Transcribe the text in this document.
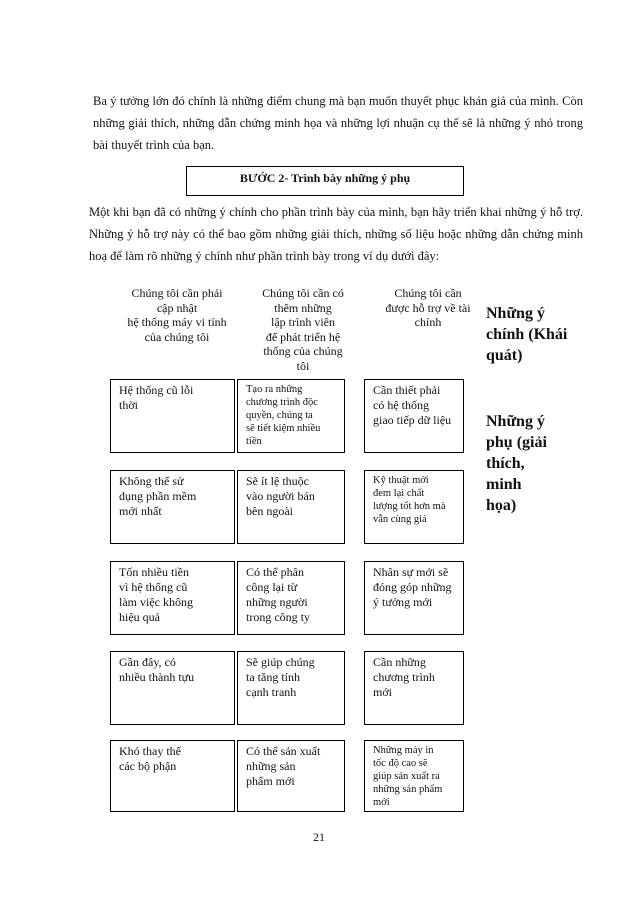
Ba ý tưởng lớn đó chính là những điểm chung mà bạn muốn thuyết phục khán giả của mình. Còn những giải thích, những dẫn chứng minh họa và những lợi nhuận cụ thể sẽ là những ý nhỏ trong bài thuyết trình của bạn.
BƯỚC 2- Trình bày những ý phụ
Một khi bạn đã có những ý chính cho phần trình bày của mình, bạn hãy triển khai những ý hỗ trợ. Những ý hỗ trợ này có thể bao gồm những giải thích, những số liệu hoặc những dẫn chứng minh hoạ để làm rõ những ý chính như phần trình bày trong ví dụ dưới đây:
Chúng tôi cần phải
cập nhật
hệ thống máy vi tính
của chúng tôi
Chúng tôi cần có
thêm những
lập trình viên
để phát triển hệ
thống của chúng
tôi
Chúng tôi cần
được hỗ trợ về tài
chính	Những ý
chính (Khái
quát)
Những ý
phụ (giải
thích,
minh
họa)
Hệ thống cũ lỗi
thời
Tạo ra những
chương trình độc
quyền, chúng ta
sẽ tiết kiệm nhiều
tiền
Cần thiết phải
có hệ thống
giao tiếp dữ liệu
Không thể sử
dụng phần mềm
mới nhất
Sẽ ít lệ thuộc
vào người bán
bên ngoài
Kỹ thuật mới
đem lại chất
lượng tốt hơn mà
vẫn cùng giá
Tốn nhiều tiền
vì hệ thống cũ
làm việc không
hiệu quả
Có thể phân
công lại từ
những người
trong công ty
Nhân sự mới sẽ
đóng góp những
ý tưởng mới
Gần đây, có
nhiều thành tựu
Sẽ giúp chúng
ta tăng tính
cạnh tranh
Cần những
chương trình
mới
Khó thay thế
các bộ phận
Có thể sản xuất
những sản
phẩm mới
Những máy in
tốc độ cao sẽ
giúp sản xuất ra
những sản phẩm
mới
21
